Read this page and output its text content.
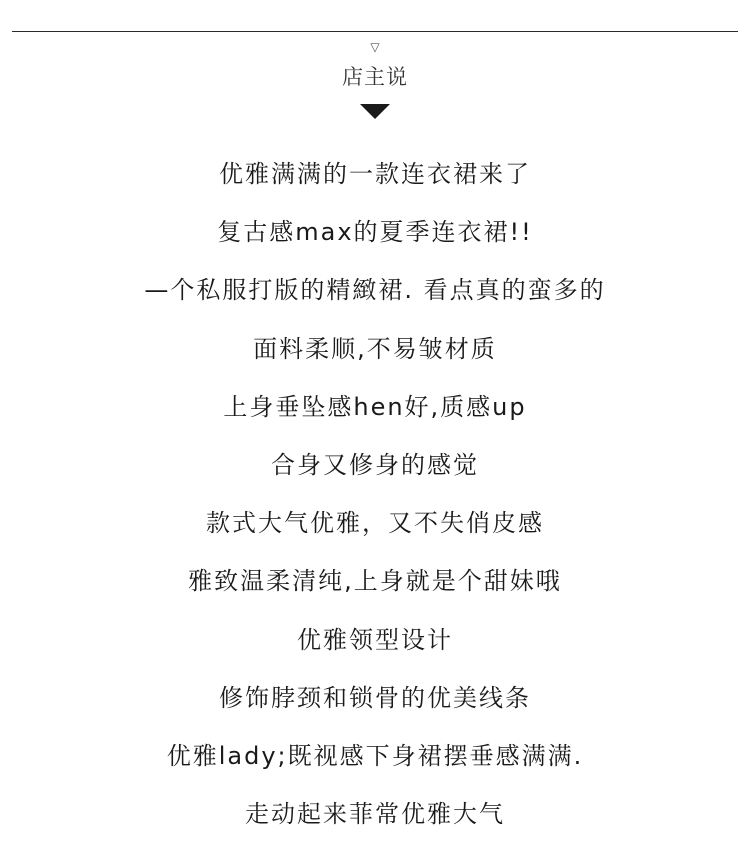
▽
店主说
优雅满满的一款连衣裙来了
复古感max的夏季连衣裙!!
—个私服打版的精緻裙. 看点真的蛮多的
面料柔顺,不易皱材质
上身垂坠感hen好,质感up
合身又修身的感觉
款式大气优雅，又不失俏皮感
雅致温柔清纯,上身就是个甜妹哦
优雅领型设计
修饰脖颈和锁骨的优美线条
优雅lady;既视感下身裙摆垂感满满.
走动起来菲常优雅大气
